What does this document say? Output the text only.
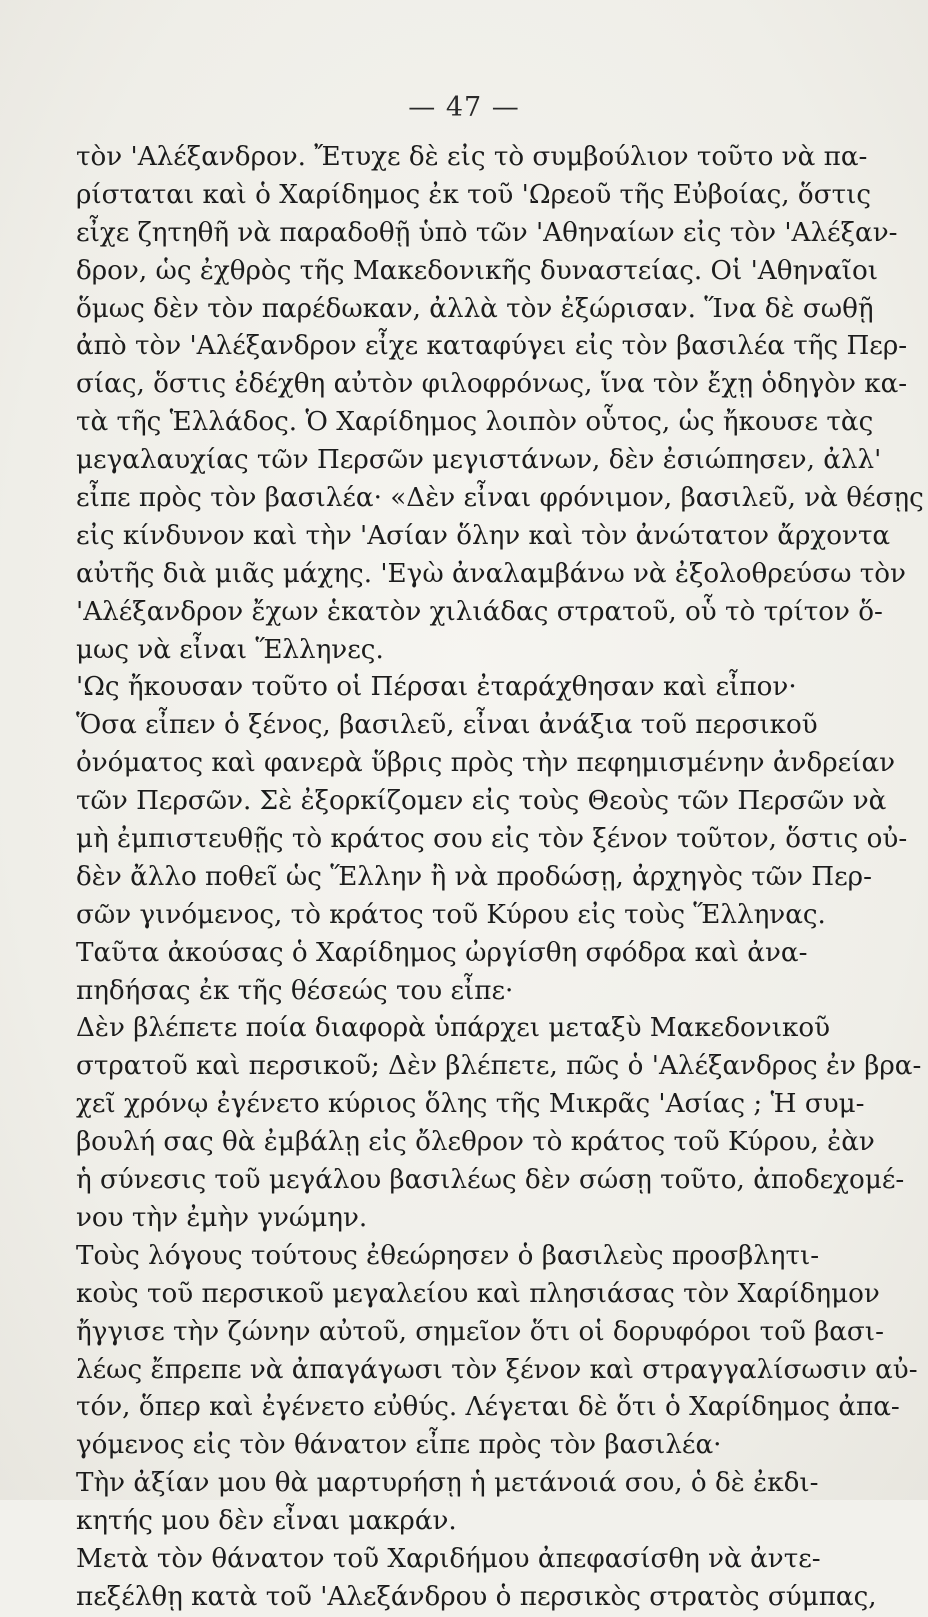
— 47 —
τὸν 'Αλέξανδρον. Ἔτυχε δὲ εἰς τὸ συμβούλιον τοῦτο νὰ πα-
ρίσταται καὶ ὁ Χαρίδημος ἐκ τοῦ 'Ωρεοῦ τῆς Εὐβοίας, ὅστις
εἶχε ζητηθῆ νὰ παραδοθῇ ὑπὸ τῶν 'Αθηναίων εἰς τὸν 'Αλέξαν-
δρον, ὡς ἐχθρὸς τῆς Μακεδονικῆς δυναστείας. Οἱ 'Αθηναῖοι
ὅμως δὲν τὸν παρέδωκαν, ἀλλὰ τὸν ἐξώρισαν. Ἵνα δὲ σωθῇ
ἀπὸ τὸν 'Αλέξανδρον εἶχε καταφύγει εἰς τὸν βασιλέα τῆς Περ-
σίας, ὅστις ἐδέχθη αὐτὸν φιλοφρόνως, ἵνα τὸν ἔχῃ ὁδηγὸν κα-
τὰ τῆς Ἑλλάδος. Ὁ Χαρίδημος λοιπὸν οὗτος, ὡς ἤκουσε τὰς
μεγαλαυχίας τῶν Περσῶν μεγιστάνων, δὲν ἐσιώπησεν, ἀλλ'
εἶπε πρὸς τὸν βασιλέα· «Δὲν εἶναι φρόνιμον, βασιλεῦ, νὰ θέσῃς
εἰς κίνδυνον καὶ τὴν 'Ασίαν ὅλην καὶ τὸν ἀνώτατον ἄρχοντα
αὐτῆς διὰ μιᾶς μάχης. 'Εγὼ ἀναλαμβάνω νὰ ἐξολοθρεύσω τὸν
'Αλέξανδρον ἔχων ἑκατὸν χιλιάδας στρατοῦ, οὗ τὸ τρίτον ὅ-
μως νὰ εἶναι Ἕλληνες.
'Ως ἤκουσαν τοῦτο οἱ Πέρσαι ἐταράχθησαν καὶ εἶπον·
Ὅσα εἶπεν ὁ ξένος, βασιλεῦ, εἶναι ἀνάξια τοῦ περσικοῦ
ὀνόματος καὶ φανερὰ ὕβρις πρὸς τὴν πεφημισμένην ἀνδρείαν
τῶν Περσῶν. Σὲ ἐξορκίζομεν εἰς τοὺς Θεοὺς τῶν Περσῶν νὰ
μὴ ἐμπιστευθῇς τὸ κράτος σου εἰς τὸν ξένον τοῦτον, ὅστις οὐ-
δὲν ἄλλο ποθεῖ ὡς Ἕλλην ἢ νὰ προδώσῃ, ἀρχηγὸς τῶν Περ-
σῶν γινόμενος, τὸ κράτος τοῦ Κύρου εἰς τοὺς Ἕλληνας.
Ταῦτα ἀκούσας ὁ Χαρίδημος ὠργίσθη σφόδρα καὶ ἀνα-
πηδήσας ἐκ τῆς θέσεώς του εἶπε·
Δὲν βλέπετε ποία διαφορὰ ὑπάρχει μεταξὺ Μακεδονικοῦ
στρατοῦ καὶ περσικοῦ; Δὲν βλέπετε, πῶς ὁ 'Αλέξανδρος ἐν βρα-
χεῖ χρόνῳ ἐγένετο κύριος ὅλης τῆς Μικρᾶς 'Ασίας ; Ἡ συμ-
βουλή σας θὰ ἐμβάλῃ εἰς ὄλεθρον τὸ κράτος τοῦ Κύρου, ἐὰν
ἡ σύνεσις τοῦ μεγάλου βασιλέως δὲν σώσῃ τοῦτο, ἀποδεχομέ-
νου τὴν ἐμὴν γνώμην.
Τοὺς λόγους τούτους ἐθεώρησεν ὁ βασιλεὺς προσβλητι-
κοὺς τοῦ περσικοῦ μεγαλείου καὶ πλησιάσας τὸν Χαρίδημον
ἤγγισε τὴν ζώνην αὐτοῦ, σημεῖον ὅτι οἱ δορυφόροι τοῦ βασι-
λέως ἔπρεπε νὰ ἀπαγάγωσι τὸν ξένον καὶ στραγγαλίσωσιν αὐ-
τόν, ὅπερ καὶ ἐγένετο εὐθύς. Λέγεται δὲ ὅτι ὁ Χαρίδημος ἀπα-
γόμενος εἰς τὸν θάνατον εἶπε πρὸς τὸν βασιλέα·
Τὴν ἀξίαν μου θὰ μαρτυρήσῃ ἡ μετάνοιά σου, ὁ δὲ ἐκδι-
κητής μου δὲν εἶναι μακράν.
Μετὰ τὸν θάνατον τοῦ Χαριδήμου ἀπεφασίσθη νὰ ἀντε-
πεξέλθῃ κατὰ τοῦ 'Αλεξάνδρου ὁ περσικὸς στρατὸς σύμπας,
